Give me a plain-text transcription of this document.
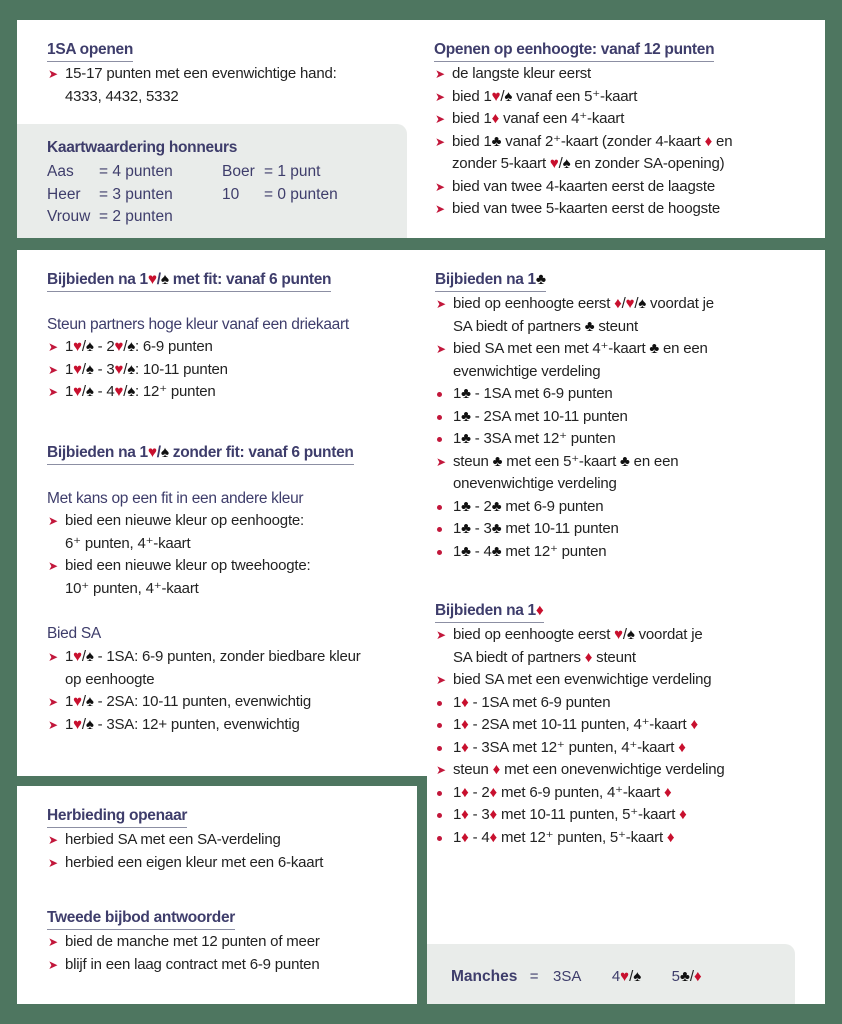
1SA openen
➤ 15-17 punten met een evenwichtige hand:
4333, 4432, 5332
Kaartwaardering honneurs
Aas = 4 punten
Heer = 3 punten
Vrouw = 2 punten
Boer = 1 punt
10 = 0 punten
Openen op eenhoogte: vanaf 12 punten
➤ de langste kleur eerst
➤ bied 1♥/♠ vanaf een 5⁺-kaart
➤ bied 1♦ vanaf een 4⁺-kaart
➤ bied 1♣ vanaf 2⁺-kaart (zonder 4-kaart ♦ en
zonder 5-kaart ♥/♠ en zonder SA-opening)
➤ bied van twee 4-kaarten eerst de laagste
➤ bied van twee 5-kaarten eerst de hoogste
Bijbieden na 1♥/♠ met fit: vanaf 6 punten
Steun partners hoge kleur vanaf een driekaart
➤ 1♥/♠ - 2♥/♠: 6-9 punten
➤ 1♥/♠ - 3♥/♠: 10-11 punten
➤ 1♥/♠ - 4♥/♠: 12⁺ punten
Bijbieden na 1♥/♠ zonder fit: vanaf 6 punten
Met kans op een fit in een andere kleur
➤ bied een nieuwe kleur op eenhoogte:
6⁺ punten, 4⁺-kaart
➤ bied een nieuwe kleur op tweehoogte:
10⁺ punten, 4⁺-kaart
Bied SA
➤ 1♥/♠ - 1SA: 6-9 punten, zonder biedbare kleur
op eenhoogte
➤ 1♥/♠ - 2SA: 10-11 punten, evenwichtig
➤ 1♥/♠ - 3SA: 12+ punten, evenwichtig
Bijbieden na 1♣
➤ bied op eenhoogte eerst ♦/♥/♠ voordat je
SA biedt of partners ♣ steunt
➤ bied SA met een met 4⁺-kaart ♣ en een
evenwichtige verdeling
1♣ - 1SA met 6-9 punten
1♣ - 2SA met 10-11 punten
1♣ - 3SA met 12⁺ punten
➤ steun ♣ met een 5⁺-kaart ♣ en een
onevenwichtige verdeling
1♣ - 2♣ met 6-9 punten
1♣ - 3♣ met 10-11 punten
1♣ - 4♣ met 12⁺ punten
Bijbieden na 1♦
➤ bied op eenhoogte eerst ♥/♠ voordat je
SA biedt of partners ♦ steunt
➤ bied SA met een evenwichtige verdeling
1♦ - 1SA met 6-9 punten
1♦ - 2SA met 10-11 punten, 4⁺-kaart ♦
1♦ - 3SA met 12⁺ punten, 4⁺-kaart ♦
➤ steun ♦ met een onevenwichtige verdeling
1♦ - 2♦ met 6-9 punten, 4⁺-kaart ♦
1♦ - 3♦ met 10-11 punten, 5⁺-kaart ♦
1♦ - 4♦ met 12⁺ punten, 5⁺-kaart ♦
Manches = 3SA 4♥/♠ 5♣/♦
Herbieding openaar
➤ herbied SA met een SA-verdeling
➤ herbied een eigen kleur met een 6-kaart
Tweede bijbod antwoorder
➤ bied de manche met 12 punten of meer
➤ blijf in een laag contract met 6-9 punten
